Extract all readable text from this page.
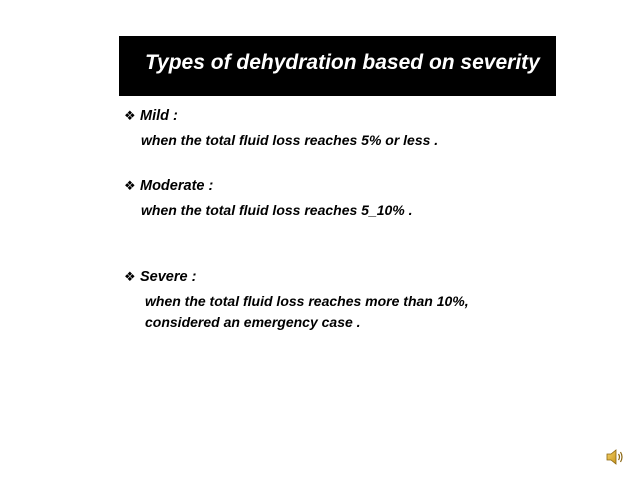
Types of dehydration based on severity
❖ Mild :
when the total fluid loss reaches 5% or less .
❖ Moderate :
when the total fluid loss reaches 5_10% .
❖ Severe :
when the total fluid loss reaches more than 10%,
considered an emergency case .
